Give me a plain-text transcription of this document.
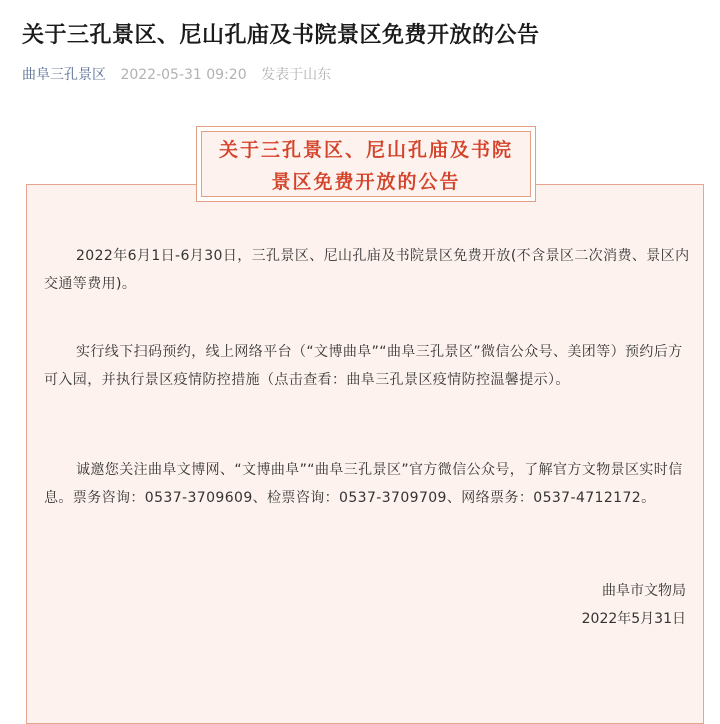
关于三孔景区、尼山孔庙及书院景区免费开放的公告
曲阜三孔景区 2022-05-31 09:20 发表于山东
关于三孔景区、尼山孔庙及书院
景区免费开放的公告

2022年6月1日-6月30日，三孔景区、尼山孔庙及书院景区免费开放(不含景区二次消费、景区内交通等费用)。

实行线下扫码预约，线上网络平台（“文博曲阜”“曲阜三孔景区”微信公众号、美团等）预约后方可入园，并执行景区疫情防控措施（点击查看：曲阜三孔景区疫情防控温馨提示）。

诚邀您关注曲阜文博网、“文博曲阜”“曲阜三孔景区”官方微信公众号，了解官方文物景区实时信息。票务咨询：0537-3709609、检票咨询：0537-3709709、网络票务：0537-4712172。

曲阜市文物局
2022年5月31日
